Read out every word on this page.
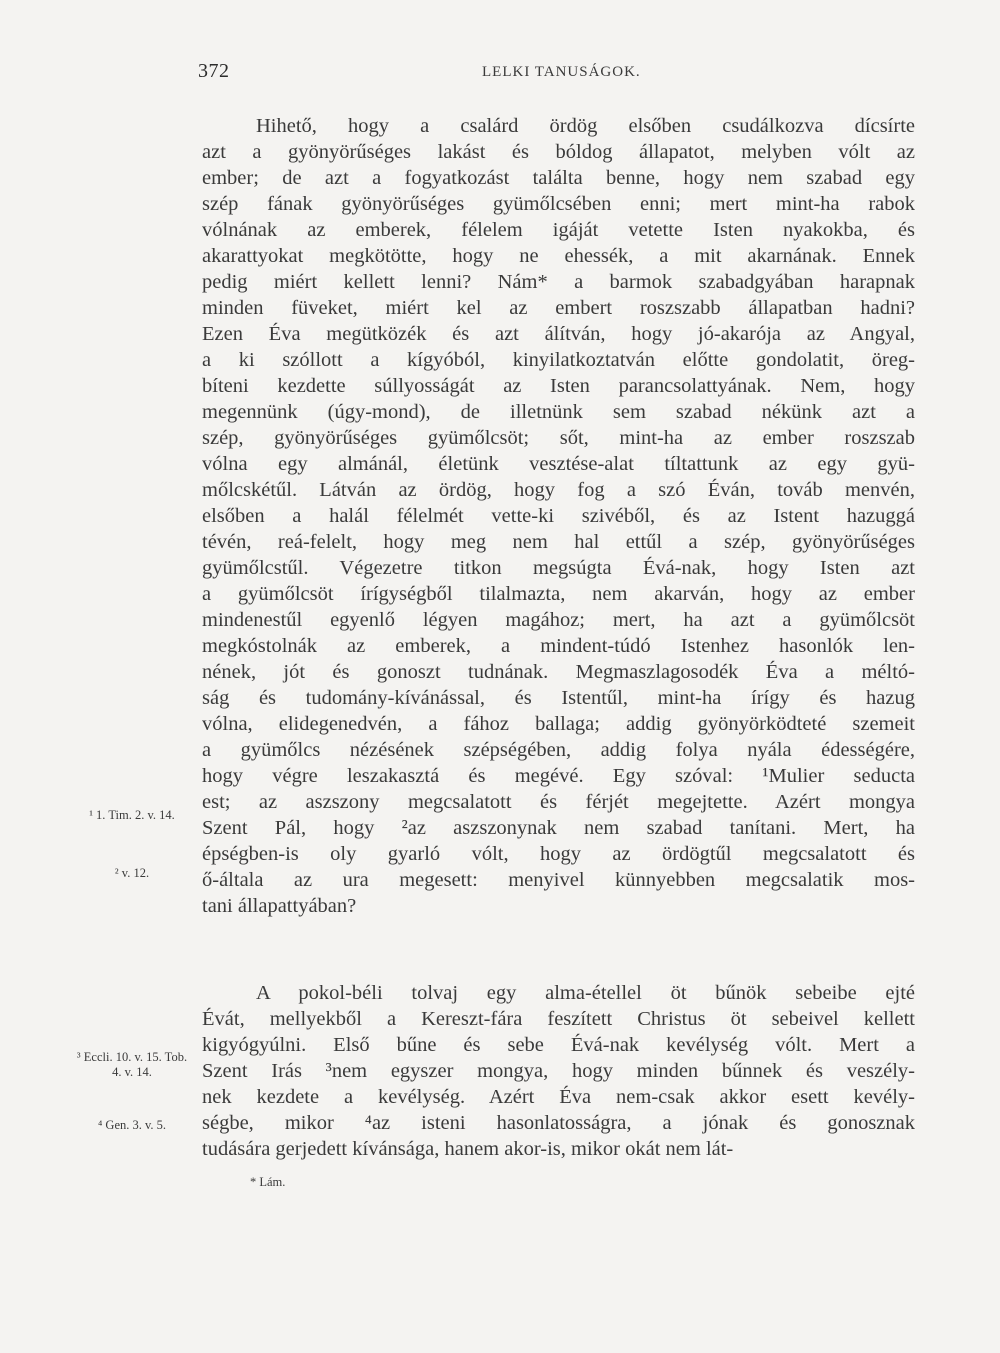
372	LELKI TANUSÁGOK.
Hihető, hogy a csalárd ördög elsőben csudálkozva dícsírte
azt a gyönyörűséges lakást és bóldog állapatot, melyben vólt az
ember; de azt a fogyatkozást találta benne, hogy nem szabad egy
szép fának gyönyörűséges gyümőlcsében enni; mert mint-ha rabok
vólnának az emberek, félelem igáját vetette Isten nyakokba, és
akarattyokat megkötötte, hogy ne ehessék, a mit akarnának. Ennek
pedig miért kellett lenni? Nám* a barmok szabadgyában harapnak
minden füveket, miért kel az embert roszszabb állapatban hadni?
Ezen Éva megütközék és azt álítván, hogy jó-akarója az Angyal,
a ki szóllott a kígyóból, kinyilatkoztatván előtte gondolatit, öreg-
bíteni kezdette súllyosságát az Isten parancsolattyának. Nem, hogy
megennünk (úgy-mond), de illetnünk sem szabad nékünk azt a
szép, gyönyörűséges gyümőlcsöt; sőt, mint-ha az ember roszszab
vólna egy almánál, életünk vesztése-alat tíltattunk az egy gyü-
mőlcskétűl. Látván az ördög, hogy fog a szó Éván, továb menvén,
elsőben a halál félelmét vette-ki szivéből, és az Istent hazuggá
tévén, reá-felelt, hogy meg nem hal ettűl a szép, gyönyörűséges
gyümőlcstűl. Végezetre titkon megsúgta Évá-nak, hogy Isten azt
a gyümőlcsöt írígységből tilalmazta, nem akarván, hogy az ember
mindenestűl egyenlő légyen magához; mert, ha azt a gyümőlcsöt
megkóstolnák az emberek, a mindent-túdó Istenhez hasonlók len-
nének, jót és gonoszt tudnának. Megmaszlagosodék Éva a méltó-
ság és tudomány-kívánással, és Istentűl, mint-ha írígy és hazug
vólna, elidegenedvén, a fához ballaga; addig gyönyörködteté szemeit
a gyümőlcs nézésének szépségében, addig folya nyála édességére,
hogy végre leszakasztá és megévé. Egy szóval: ¹Mulier seducta
est; az aszszony megcsalatott és férjét megejtette. Azért mongya
Szent Pál, hogy ²az aszszonynak nem szabad tanítani. Mert, ha
épségben-is oly gyarló vólt, hogy az ördögtűl megcsalatott és
ő-általa az ura megesett: menyivel künnyebben megcsalatik mos-
tani állapattyában?
A pokol-béli tolvaj egy alma-étellel öt bűnök sebeibe ejté
Évát, mellyekből a Kereszt-fára feszített Christus öt sebeivel kellett
kigyógyúlni. Első bűne és sebe Évá-nak kevélység vólt. Mert a
Szent Irás ³nem egyszer mongya, hogy minden bűnnek és veszély-
nek kezdete a kevélység. Azért Éva nem-csak akkor esett kevély-
ségbe, mikor ⁴az isteni hasonlatosságra, a jónak és gonosznak
tudására gerjedett kívánsága, hanem akor-is, mikor okát nem lát-
¹ 1. Tim. 2. v. 14.
² v. 12.
³ Eccli. 10. v. 15. Tob. 4. v. 14.
⁴ Gen. 3. v. 5.
* Lám.
